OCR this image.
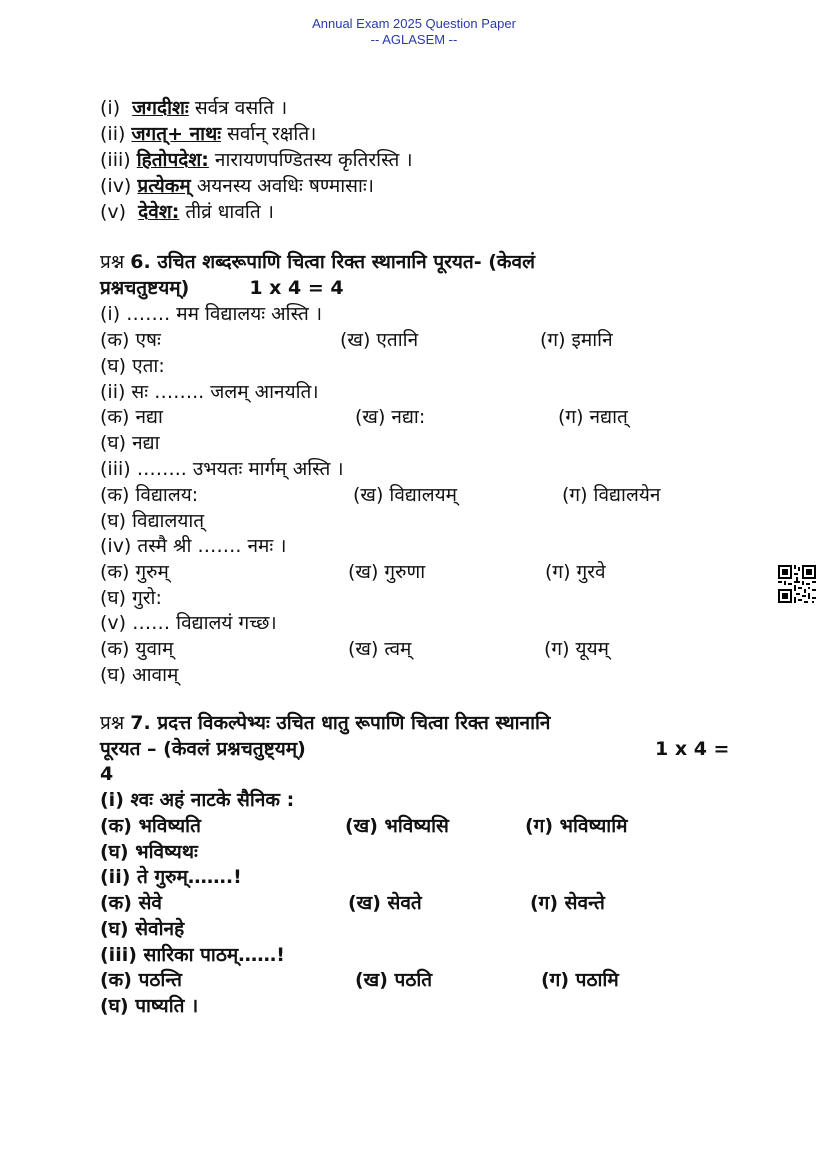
Annual Exam 2025 Question Paper
-- AGLASEM --
(i) जगदीशः सर्वत्र वसति ।
(ii) जगत्+ नाथः सर्वान् रक्षति।
(iii) हितोपदेश: नारायणपण्डितस्य कृतिरस्ति ।
(iv) प्रत्येकम् अयनस्य अवधिः षण्मासाः।
(v) देवेश: तीव्रं धावति ।
प्रश्न 6. उचित शब्दरूपाणि चित्वा रिक्त स्थानानि पूरयत- (केवलं
प्रश्नचतुष्टयम्)	1 x 4 = 4
(i) ……. मम विद्यालयः अस्ति ।
(क) एषः	(ख) एतानि	(ग) इमानि
(घ) एता:
(ii) सः …….. जलम् आनयति।
(क) नद्या	(ख) नद्या:	(ग) नद्यात्
(घ) नद्या
(iii) …….. उभयतः मार्गम् अस्ति ।
(क) विद्यालय:	(ख) विद्यालयम्	(ग) विद्यालयेन
(घ) विद्यालयात्
(iv) तस्मै श्री ……. नमः ।
(क) गुरुम्	(ख) गुरुणा	(ग) गुरवे
(घ) गुरो:
(v) …… विद्यालयं गच्छ।
(क) युवाम्	(ख) त्वम्	(ग) यूयम्
(घ) आवाम्
प्रश्न 7. प्रदत्त विकल्पेभ्यः उचित धातु रूपाणि चित्वा रिक्त स्थानानि
पूरयत – (केवलं प्रश्नचतुष्ट्यम्)	1 x 4 =
4
(i) श्वः अहं नाटके सैनिक :
(क) भविष्यति	(ख) भविष्यसि	(ग) भविष्यामि
(घ) भविष्यथः
(ii) ते गुरुम्…….!
(क) सेवे	(ख) सेवते	(ग) सेवन्ते
(घ) सेवोनहे
(iii) सारिका पाठम्……!
(क) पठन्ति	(ख) पठति	(ग) पठामि
(घ) पाष्यति ।
